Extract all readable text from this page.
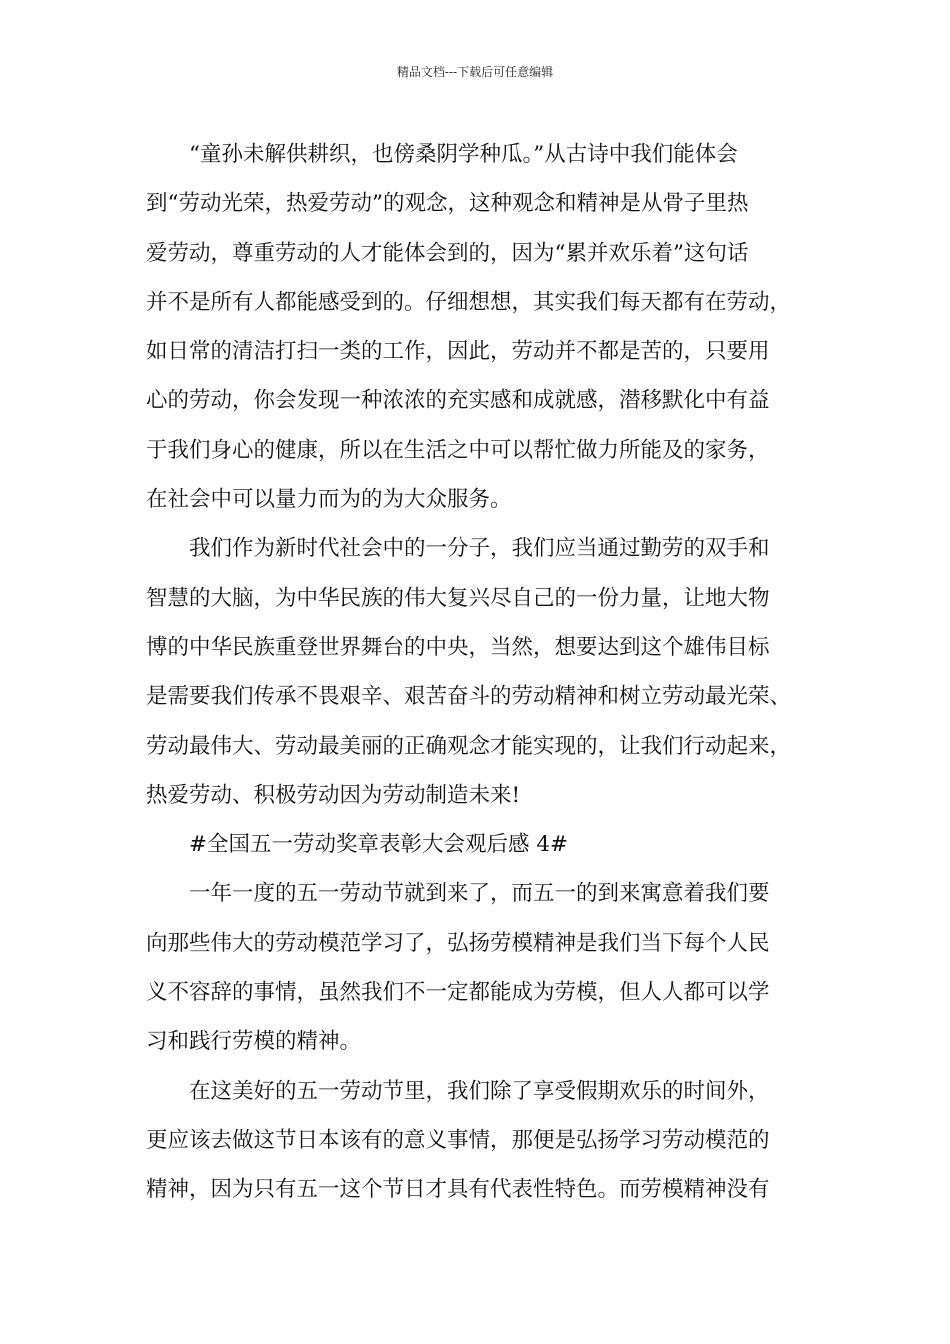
精品文档---下载后可任意编辑
“童孙未解供耕织，也傍桑阴学种瓜。”从古诗中我们能体会
到“劳动光荣，热爱劳动”的观念，这种观念和精神是从骨子里热
爱劳动，尊重劳动的人才能体会到的，因为“累并欢乐着”这句话
并不是所有人都能感受到的。仔细想想，其实我们每天都有在劳动，
如日常的清洁打扫一类的工作，因此，劳动并不都是苦的，只要用
心的劳动，你会发现一种浓浓的充实感和成就感，潜移默化中有益
于我们身心的健康，所以在生活之中可以帮忙做力所能及的家务，
在社会中可以量力而为的为大众服务。
我们作为新时代社会中的一分子，我们应当通过勤劳的双手和
智慧的大脑，为中华民族的伟大复兴尽自己的一份力量，让地大物
博的中华民族重登世界舞台的中央，当然，想要达到这个雄伟目标
是需要我们传承不畏艰辛、艰苦奋斗的劳动精神和树立劳动最光荣、
劳动最伟大、劳动最美丽的正确观念才能实现的，让我们行动起来，
热爱劳动、积极劳动因为劳动制造未来!
#全国五一劳动奖章表彰大会观后感 4#
一年一度的五一劳动节就到来了，而五一的到来寓意着我们要
向那些伟大的劳动模范学习了，弘扬劳模精神是我们当下每个人民
义不容辞的事情，虽然我们不一定都能成为劳模，但人人都可以学
习和践行劳模的精神。
在这美好的五一劳动节里，我们除了享受假期欢乐的时间外，
更应该去做这节日本该有的意义事情，那便是弘扬学习劳动模范的
精神，因为只有五一这个节日才具有代表性特色。而劳模精神没有
